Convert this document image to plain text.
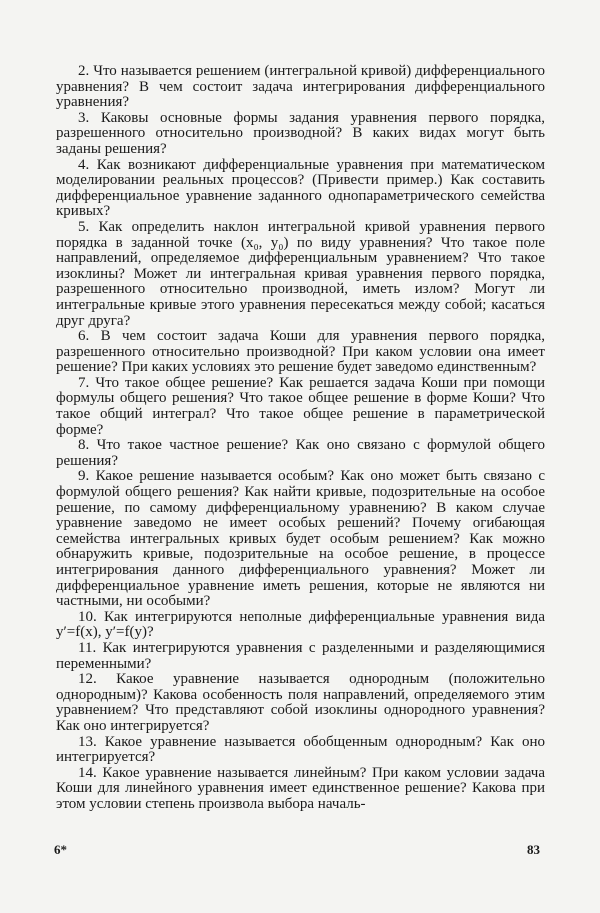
2. Что называется решением (интегральной кривой) дифференциального уравнения? В чем состоит задача интегрирования дифференциального уравнения?

3. Каковы основные формы задания уравнения первого порядка, разрешенного относительно производной? В каких видах могут быть заданы решения?

4. Как возникают дифференциальные уравнения при математическом моделировании реальных процессов? (Привести пример.) Как составить дифференциальное уравнение заданного однопараметрического семейства кривых?

5. Как определить наклон интегральной кривой уравнения первого порядка в заданной точке (x₀, y₀) по виду уравнения? Что такое поле направлений, определяемое дифференциальным уравнением? Что такое изоклины? Может ли интегральная кривая уравнения первого порядка, разрешенного относительно производной, иметь излом? Могут ли интегральные кривые этого уравнения пересекаться между собой; касаться друг друга?

6. В чем состоит задача Коши для уравнения первого порядка, разрешенного относительно производной? При каком условии она имеет решение? При каких условиях это решение будет заведомо единственным?

7. Что такое общее решение? Как решается задача Коши при помощи формулы общего решения? Что такое общее решение в форме Коши? Что такое общий интеграл? Что такое общее решение в параметрической форме?

8. Что такое частное решение? Как оно связано с формулой общего решения?

9. Какое решение называется особым? Как оно может быть связано с формулой общего решения? Как найти кривые, подозрительные на особое решение, по самому дифференциальному уравнению? В каком случае уравнение заведомо не имеет особых решений? Почему огибающая семейства интегральных кривых будет особым решением? Как можно обнаружить кривые, подозрительные на особое решение, в процессе интегрирования данного дифференциального уравнения? Может ли дифференциальное уравнение иметь решения, которые не являются ни частными, ни особыми?

10. Как интегрируются неполные дифференциальные уравнения вида y′=f(x), y′=f(y)?

11. Как интегрируются уравнения с разделенными и разделяющимися переменными?

12. Какое уравнение называется однородным (положительно однородным)? Какова особенность поля направлений, определяемого этим уравнением? Что представляют собой изоклины однородного уравнения? Как оно интегрируется?

13. Какое уравнение называется обобщенным однородным? Как оно интегрируется?

14. Какое уравнение называется линейным? При каком условии задача Коши для линейного уравнения имеет единственное решение? Какова при этом условии степень произвола выбора началь-

6*	83
